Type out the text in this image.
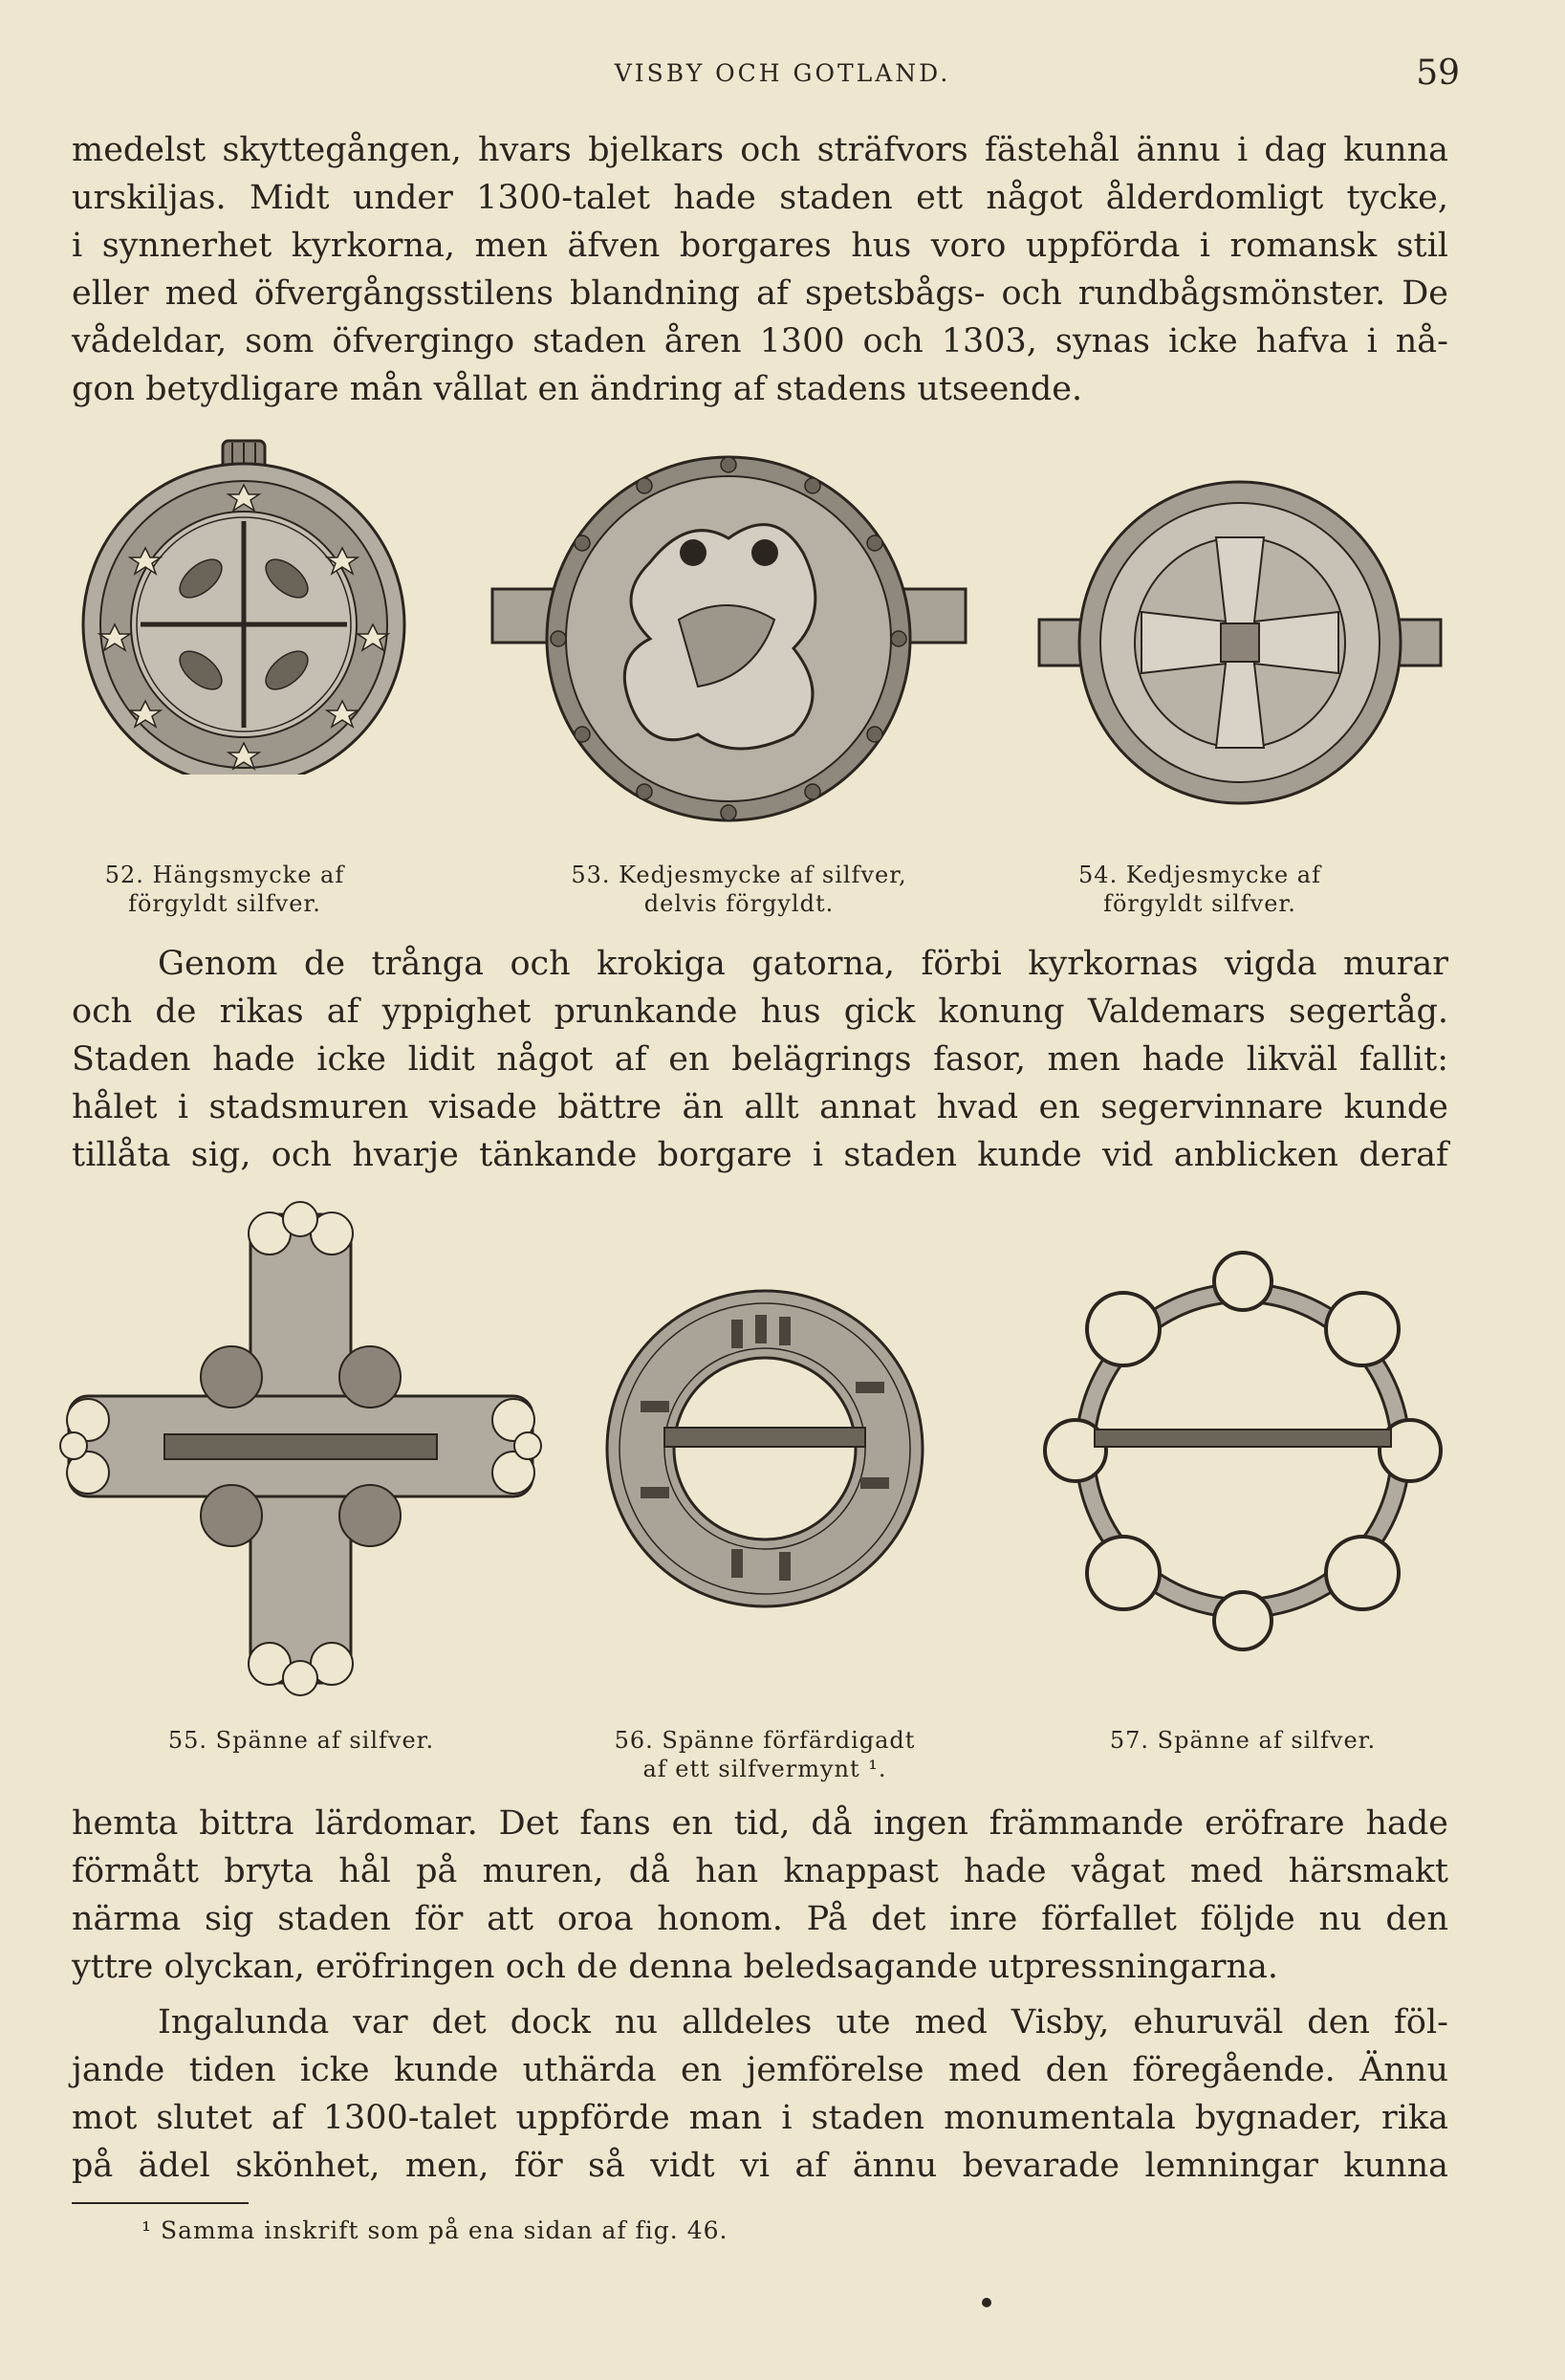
VISBY OCH GOTLAND.	59
medelst skyttegången, hvars bjelkars och sträfvors fästehål ännu i dag kunna
urskiljas. Midt under 1300-talet hade staden ett något ålderdomligt tycke,
i synnerhet kyrkorna, men äfven borgares hus voro uppförda i romansk stil
eller med öfvergångsstilens blandning af spetsbågs- och rundbågsmönster. De
vådeldar, som öfvergingo staden åren 1300 och 1303, synas icke hafva i nå-
gon betydligare mån vållat en ändring af stadens utseende.
52. Hängsmycke af
förgyldt silfver.
53. Kedjesmycke af silfver,
delvis förgyldt.
54. Kedjesmycke af
förgyldt silfver.
Genom de trånga och krokiga gatorna, förbi kyrkornas vigda murar
och de rikas af yppighet prunkande hus gick konung Valdemars segertåg.
Staden hade icke lidit något af en belägrings fasor, men hade likväl fallit:
hålet i stadsmuren visade bättre än allt annat hvad en segervinnare kunde
tillåta sig, och hvarje tänkande borgare i staden kunde vid anblicken deraf
55. Spänne af silfver.	56. Spänne förfärdigadt
af ett silfvermynt ¹.
57. Spänne af silfver.
hemta bittra lärdomar. Det fans en tid, då ingen främmande eröfrare hade
förmått bryta hål på muren, då han knappast hade vågat med härsmakt
närma sig staden för att oroa honom. På det inre förfallet följde nu den
yttre olyckan, eröfringen och de denna beledsagande utpressningarna.
Ingalunda var det dock nu alldeles ute med Visby, ehuruväl den föl-
jande tiden icke kunde uthärda en jemförelse med den föregående. Ännu
mot slutet af 1300-talet uppförde man i staden monumentala bygnader, rika
på ädel skönhet, men, för så vidt vi af ännu bevarade lemningar kunna
¹ Samma inskrift som på ena sidan af fig. 46.
